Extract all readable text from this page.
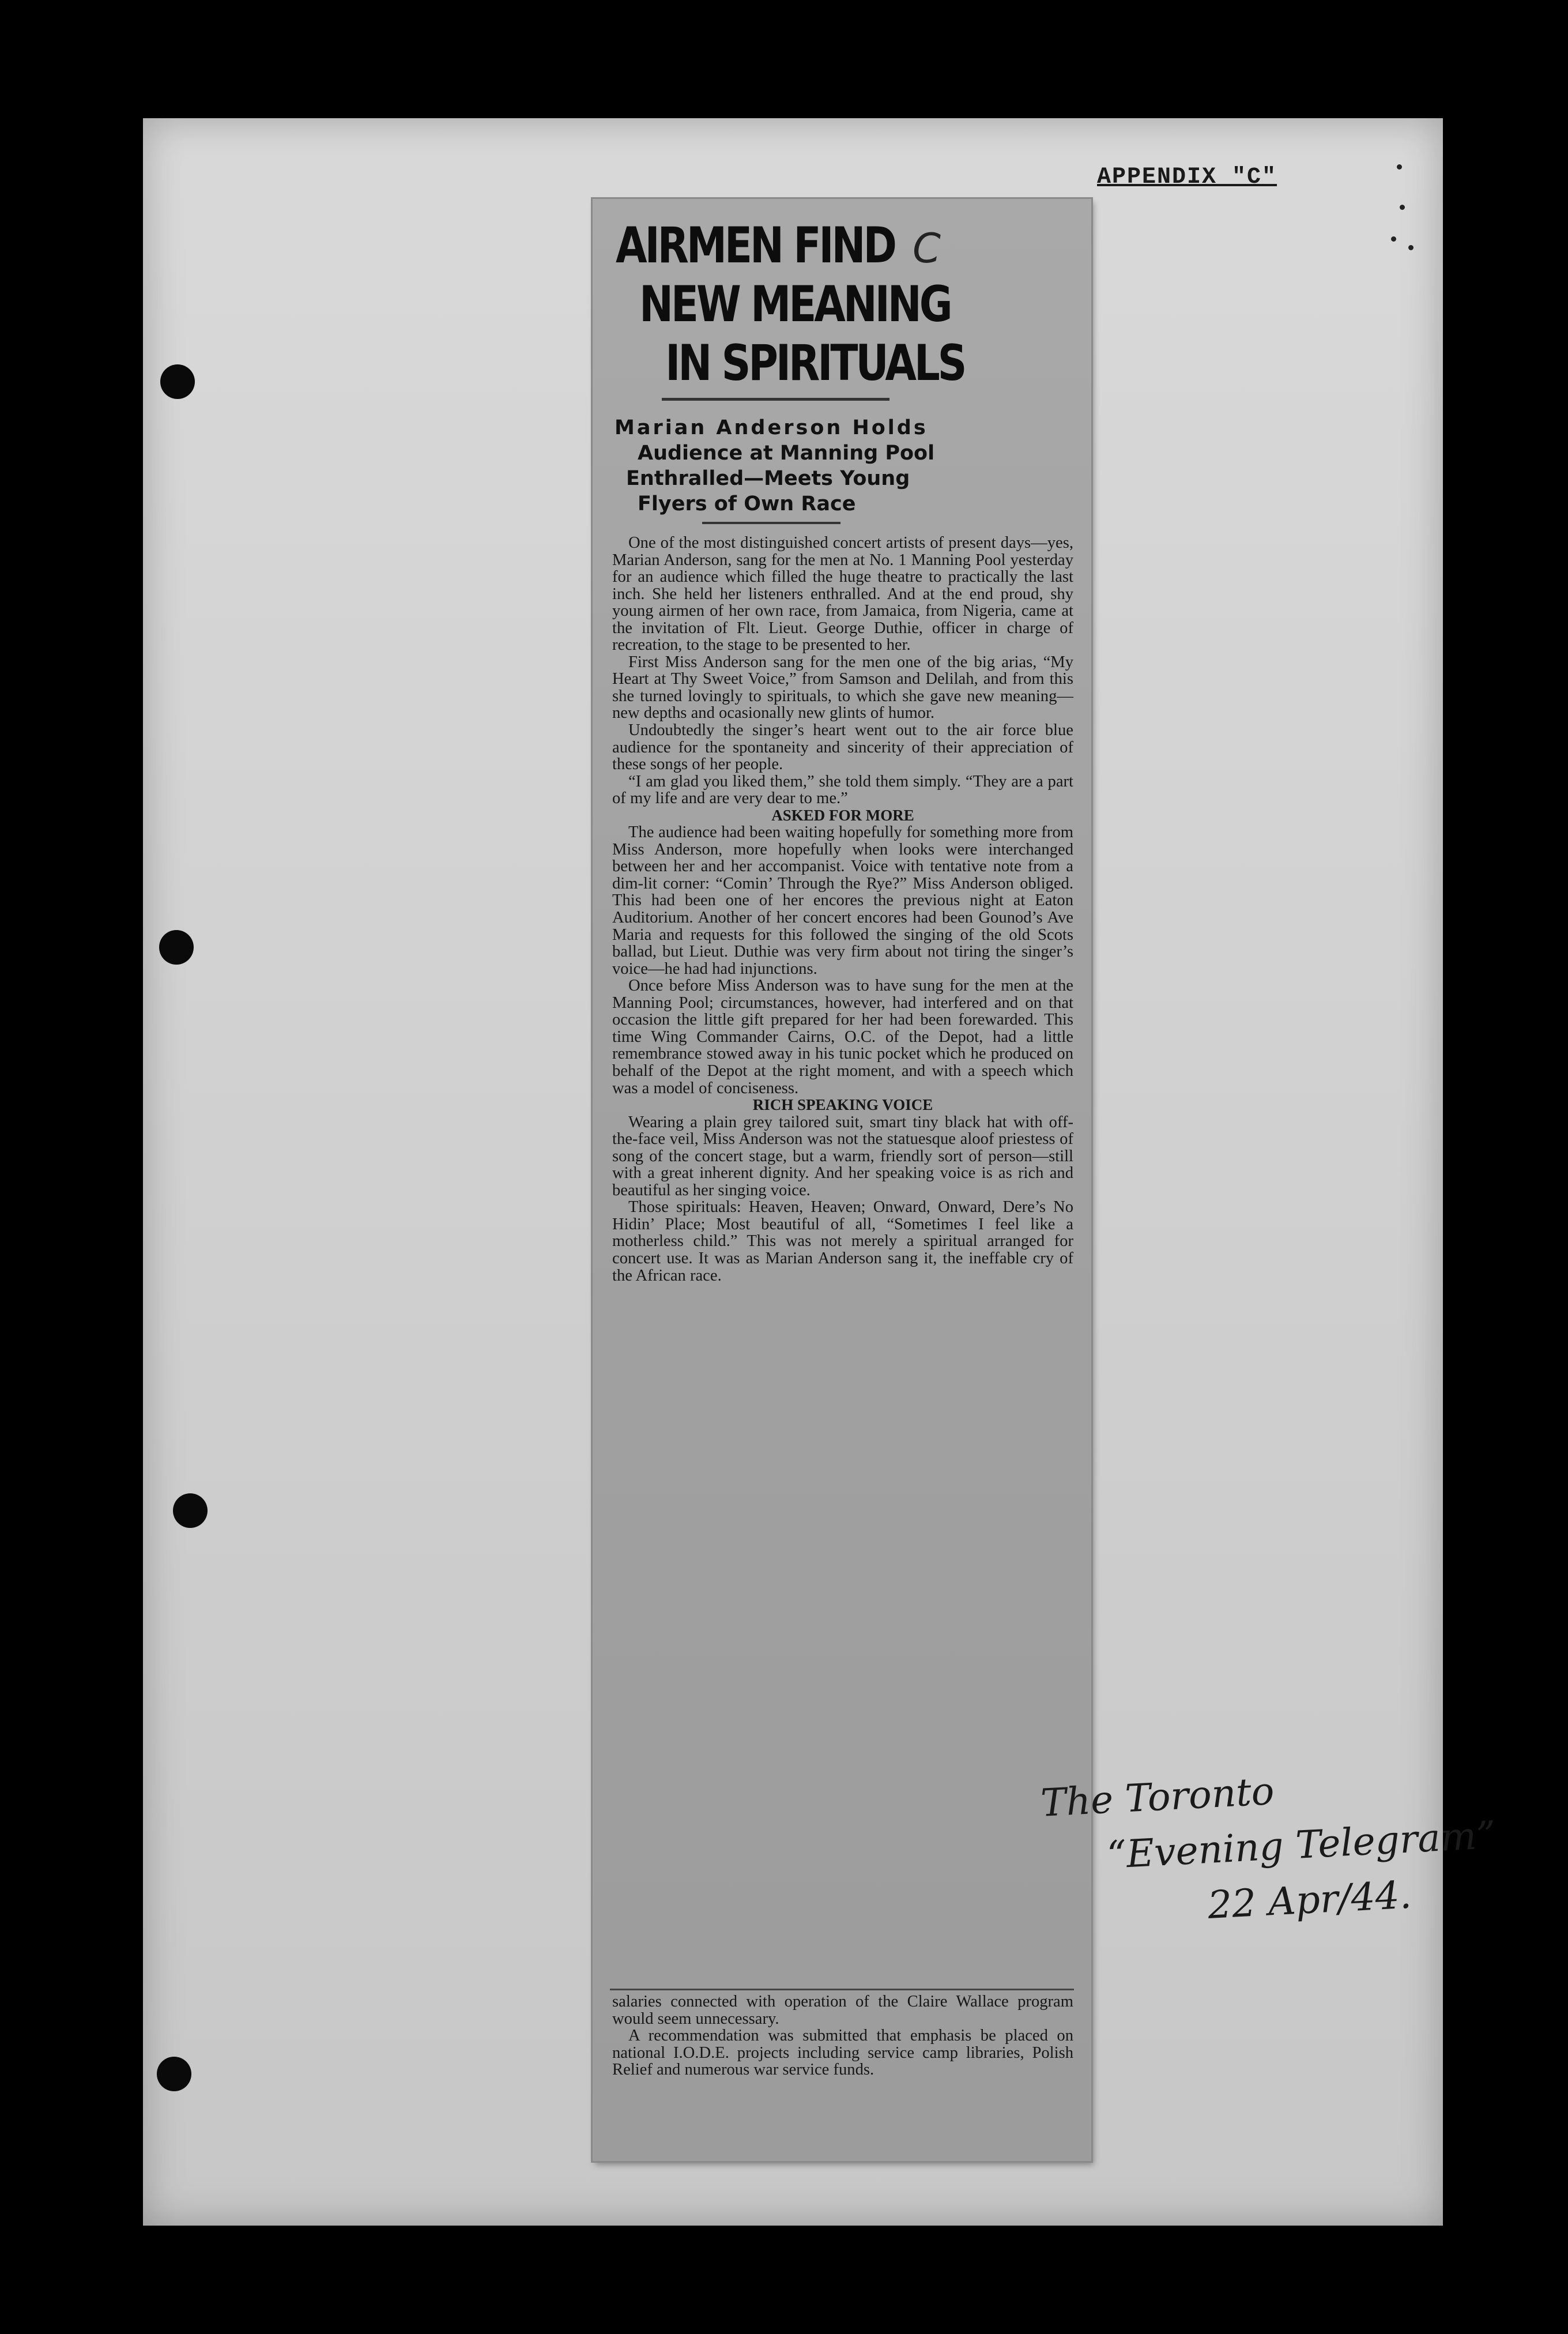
APPENDIX "C"
AIRMEN FIND
NEW MEANING
IN SPIRITUALS
Marian Anderson Holds
Audience at Manning Pool
Enthralled—Meets Young
Flyers of Own Race

One of the most distinguished concert artists of present days—yes, Marian Anderson, sang for the men at No. 1 Manning Pool yesterday for an audience which filled the huge theatre to practically the last inch. She held her listeners enthralled. And at the end proud, shy young airmen of her own race, from Jamaica, from Nigeria, came at the invitation of Flt. Lieut. George Duthie, officer in charge of recreation, to the stage to be presented to her.

First Miss Anderson sang for the men one of the big arias, “My Heart at Thy Sweet Voice,” from Samson and Delilah, and from this she turned lovingly to spirituals, to which she gave new meaning—new depths and ocasionally new glints of humor.

Undoubtedly the singer’s heart went out to the air force blue audience for the spontaneity and sincerity of their appreciation of these songs of her people.

“I am glad you liked them,” she told them simply. “They are a part of my life and are very dear to me.”

ASKED FOR MORE

The audience had been waiting hopefully for something more from Miss Anderson, more hopefully when looks were interchanged between her and her accompanist. Voice with tentative note from a dim-lit corner: “Comin’ Through the Rye?” Miss Anderson obliged. This had been one of her encores the previous night at Eaton Auditorium. Another of her concert encores had been Gounod’s Ave Maria and requests for this followed the singing of the old Scots ballad, but Lieut. Duthie was very firm about not tiring the singer’s voice—he had had injunctions.

Once before Miss Anderson was to have sung for the men at the Manning Pool; circumstances, however, had interfered and on that occasion the little gift prepared for her had been forewarded. This time Wing Commander Cairns, O.C. of the Depot, had a little remembrance stowed away in his tunic pocket which he produced on behalf of the Depot at the right moment, and with a speech which was a model of conciseness.

RICH SPEAKING VOICE

Wearing a plain grey tailored suit, smart tiny black hat with off-the-face veil, Miss Anderson was not the statuesque aloof priestess of song of the concert stage, but a warm, friendly sort of person—still with a great inherent dignity. And her speaking voice is as rich and beautiful as her singing voice.

Those spirituals: Heaven, Heaven; Onward, Onward, Dere’s No Hidin’ Place; Most beautiful of all, “Sometimes I feel like a motherless child.” This was not merely a spiritual arranged for concert use. It was as Marian Anderson sang it, the ineffable cry of the African race.

salaries connected with operation of the Claire Wallace program would seem unnecessary.

A recommendation was submitted that emphasis be placed on national I.O.D.E. projects including service camp libraries, Polish Relief and numerous war service funds.

C
The Toronto
“Evening Telegram”
22 Apr/44.
